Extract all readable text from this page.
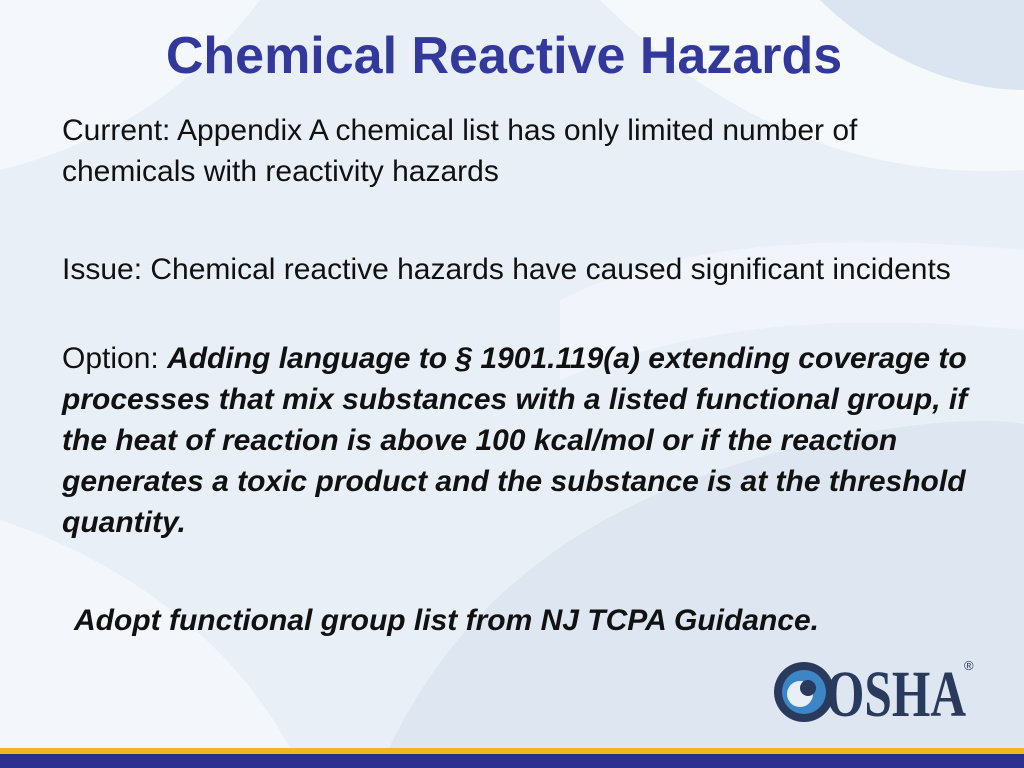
Chemical Reactive Hazards

Current: Appendix A chemical list has only limited number of chemicals with reactivity hazards

Issue: Chemical reactive hazards have caused significant incidents

Option: Adding language to § 1901.119(a) extending coverage to processes that mix substances with a listed functional group, if the heat of reaction is above 100 kcal/mol or if the reaction generates a toxic product and the substance is at the threshold quantity.

Adopt functional group list from NJ TCPA Guidance.

OSHA
®
